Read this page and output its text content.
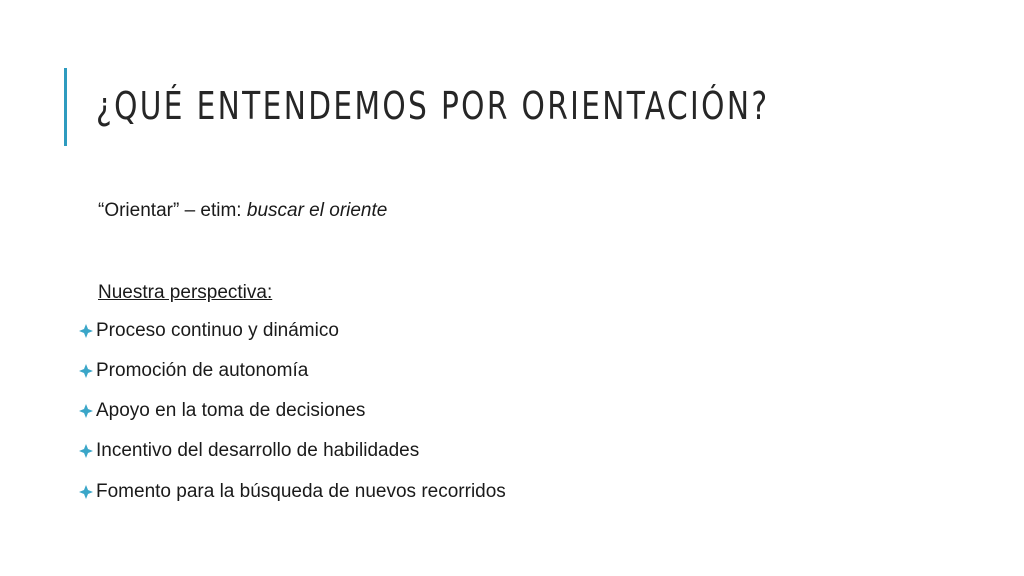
¿QUÉ ENTENDEMOS POR ORIENTACIÓN?
“Orientar” – etim: buscar el oriente
Nuestra perspectiva:
Proceso continuo y dinámico
Promoción de autonomía
Apoyo en la toma de decisiones
Incentivo del desarrollo de habilidades
Fomento para la búsqueda de nuevos recorridos
